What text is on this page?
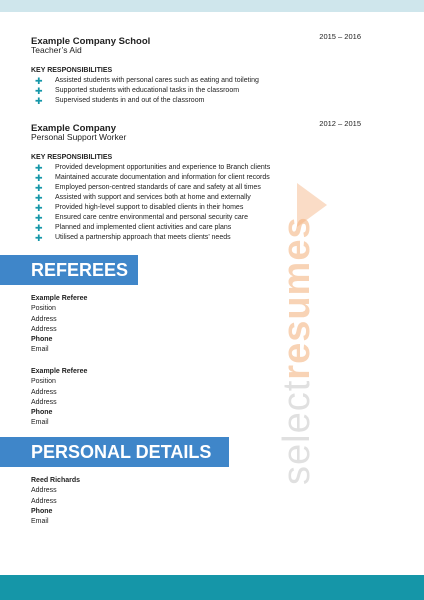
selectresumes
Example Company School	2015 – 2016
Teacher’s Aid
KEY RESPONSIBILITIES
✚ Assisted students with personal cares such as eating and toileting
✚ Supported students with educational tasks in the classroom
✚ Supervised students in and out of the classroom
Example Company	2012 – 2015
Personal Support Worker
KEY RESPONSIBILITIES
✚ Provided development opportunities and experience to Branch clients
✚ Maintained accurate documentation and information for client records
✚ Employed person-centred standards of care and safety at all times
✚ Assisted with support and services both at home and externally
✚ Provided high-level support to disabled clients in their homes
✚ Ensured care centre environmental and personal security care
✚ Planned and implemented client activities and care plans
✚ Utilised a partnership approach that meets clients’ needs
REFEREES
Example Referee
Position
Address
Address
Phone
Email
Example Referee
Position
Address
Address
Phone
Email
PERSONAL DETAILS
Reed Richards
Address
Address
Phone
Email
